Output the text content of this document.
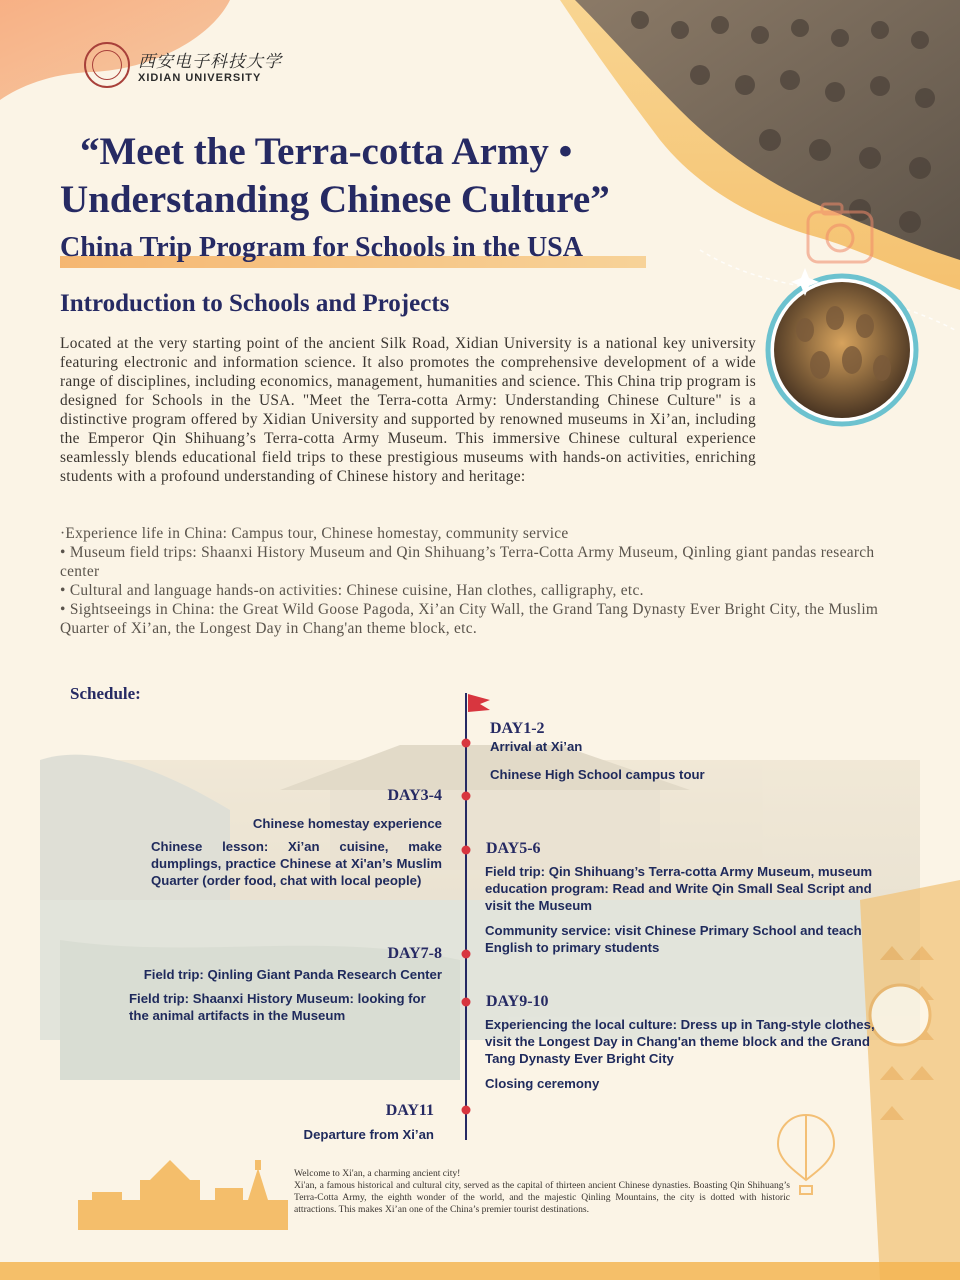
西安电子科技大学
XIDIAN UNIVERSITY
“Meet the Terra-cotta Army •
Understanding Chinese Culture”
China Trip Program for Schools in the USA
Introduction to Schools and Projects
Located at the very starting point of the ancient Silk Road, Xidian University is a national key university featuring electronic and information science. It also promotes the comprehensive development of a wide range of disciplines, including economics, management, humanities and science. This China trip program is designed for Schools in the USA. "Meet the Terra-cotta Army: Understanding Chinese Culture" is a distinctive program offered by Xidian University and supported by renowned museums in Xi’an, including the Emperor Qin Shihuang’s Terra-cotta Army Museum. This immersive Chinese cultural experience seamlessly blends educational field trips to these prestigious museums with hands-on activities, enriching students with a profound understanding of Chinese history and heritage:
·Experience life in China: Campus tour, Chinese homestay, community service
• Museum field trips: Shaanxi History Museum and Qin Shihuang’s Terra-Cotta Army Museum, Qinling giant pandas research center
• Cultural and language hands-on activities: Chinese cuisine, Han clothes, calligraphy, etc.
• Sightseeings in China: the Great Wild Goose Pagoda, Xi’an City Wall, the Grand Tang Dynasty Ever Bright City, the Muslim Quarter of Xi’an, the Longest Day in Chang'an theme block, etc.
Schedule:
DAY1-2
Arrival at Xi’an
Chinese High School campus tour
DAY3-4
Chinese homestay experience
Chinese lesson: Xi’an cuisine, make dumplings, practice Chinese at Xi'an’s Muslim Quarter (order food, chat with local people)
DAY5-6
Field trip: Qin Shihuang’s Terra-cotta Army Museum, museum education program: Read and Write Qin Small Seal Script and visit the Museum
Community service: visit Chinese Primary School and teach English to primary students
DAY7-8
Field trip: Qinling Giant Panda Research Center
Field trip: Shaanxi History Museum: looking for the animal artifacts in the Museum
DAY9-10
Experiencing the local culture: Dress up in Tang-style clothes, visit the Longest Day in Chang'an theme block and the Grand Tang Dynasty Ever Bright City
Closing ceremony
DAY11
Departure from Xi’an
Welcome to Xi'an, a charming ancient city!
Xi'an, a famous historical and cultural city, served as the capital of thirteen ancient Chinese dynasties. Boasting Qin Shihuang’s Terra-Cotta Army, the eighth wonder of the world, and the majestic Qinling Mountains, the city is dotted with historic attractions. This makes Xi’an one of the China’s premier tourist destinations.
